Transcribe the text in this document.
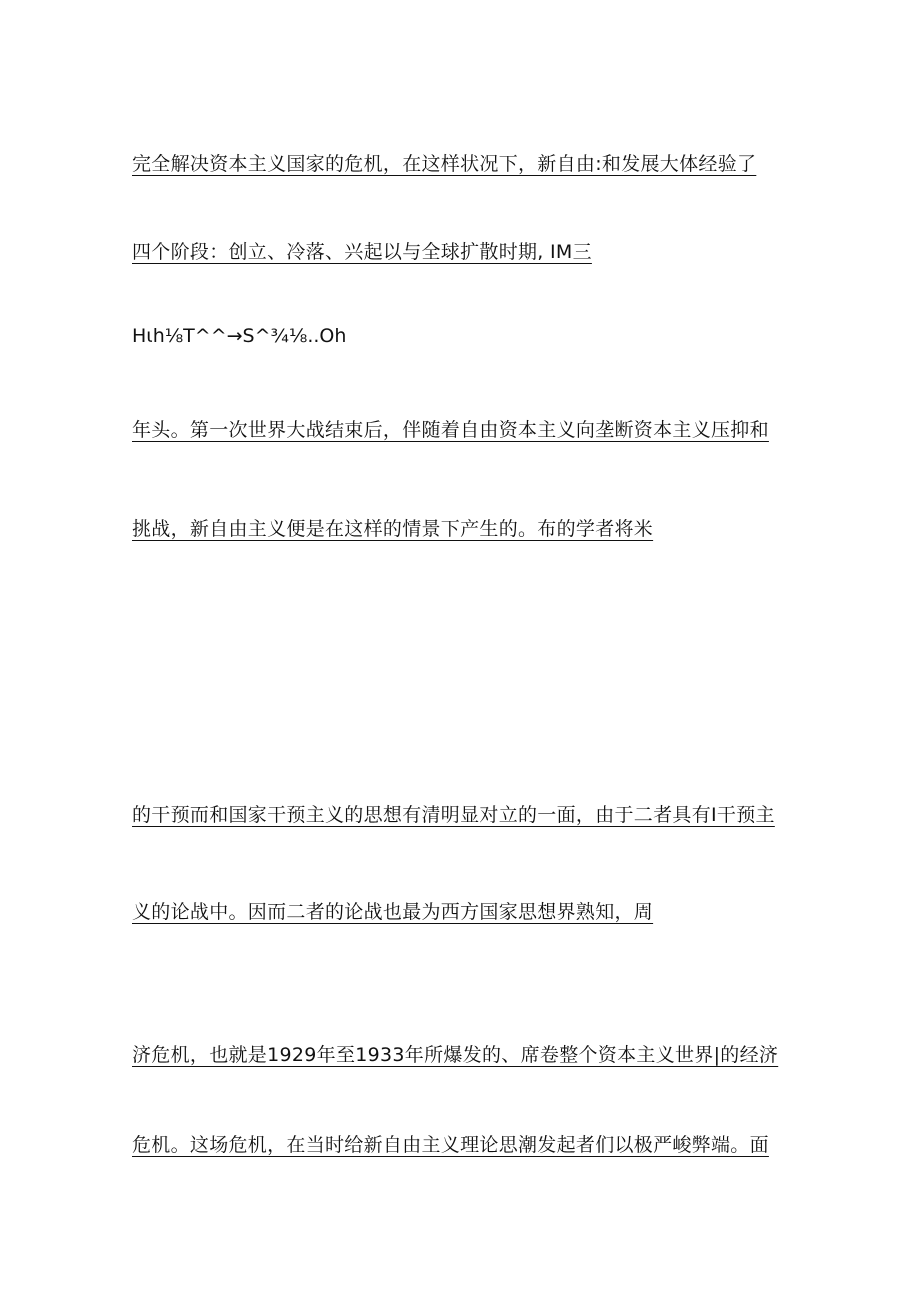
完全解决资本主义国家的危机，在这样状况下，新自由:和发展大体经验了

四个阶段：创立、冷落、兴起以与全球扩散时期, IM三

Hιh⅛T^^→S^¾⅛..Oh

年头。第一次世界大战结束后，伴随着自由资本主义向垄断资本主义压抑和

挑战，新自由主义便是在这样的情景下产生的。布的学者将米

的干预而和国家干预主义的思想有清明显对立的一面，由于二者具有I干预主

义的论战中。因而二者的论战也最为西方国家思想界熟知，周

济危机，也就是1929年至1933年所爆发的、席卷整个资本主义世界|的经济

危机。这场危机，在当时给新自由主义理论思潮发起者们以极严峻弊端。面
